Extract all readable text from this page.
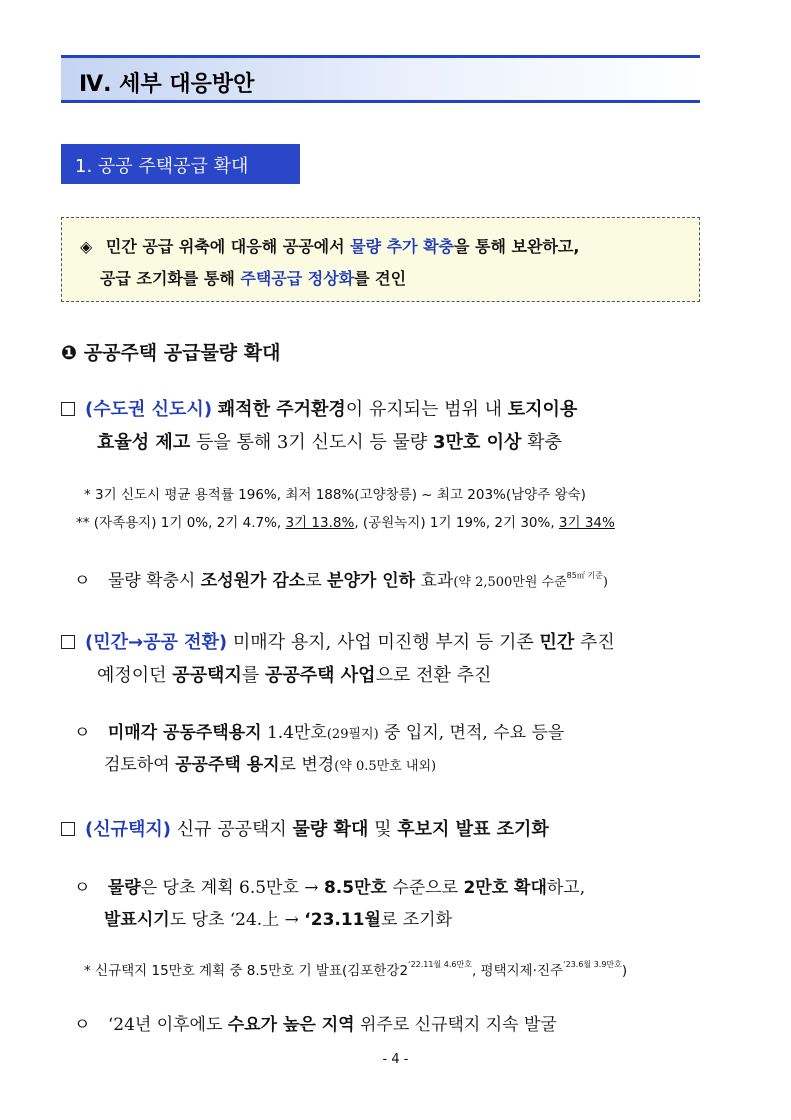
Ⅳ. 세부 대응방안
1. 공공 주택공급 확대
◈ 민간 공급 위축에 대응해 공공에서 물량 추가 확충을 통해 보완하고,
공급 조기화를 통해 주택공급 정상화를 견인
❶ 공공주택 공급물량 확대
(수도권 신도시) 쾌적한 주거환경이 유지되는 범위 내 토지이용
효율성 제고 등을 통해 3기 신도시 등 물량 3만호 이상 확충
* 3기 신도시 평균 용적률 196%, 최저 188%(고양창릉) ~ 최고 203%(남양주 왕숙)
** (자족용지) 1기 0%, 2기 4.7%, 3기 13.8%, (공원녹지) 1기 19%, 2기 30%, 3기 34%
ㅇ 물량 확충시 조성원가 감소로 분양가 인하 효과(약 2,500만원 수준$^{85㎡ 기준}$)
(민간→공공 전환) 미매각 용지, 사업 미진행 부지 등 기존 민간 추진
예정이던 공공택지를 공공주택 사업으로 전환 추진
ㅇ 미매각 공동주택용지 1.4만호(29필지) 중 입지, 면적, 수요 등을
검토하여 공공주택 용지로 변경(약 0.5만호 내외)
(신규택지) 신규 공공택지 물량 확대 및 후보지 발표 조기화
ㅇ 물량은 당초 계획 6.5만호 → 8.5만호 수준으로 2만호 확대하고,
발표시기도 당초 ‘24.上 → ‘23.11월로 조기화
* 신규택지 15만호 계획 중 8.5만호 기 발표(김포한강$2^{‘22.11월 4.6만호}$, 평택지제·진주$^{‘23.6월 3.9만호}$)
ㅇ ‘24년 이후에도 수요가 높은 지역 위주로 신규택지 지속 발굴
- 4 -
